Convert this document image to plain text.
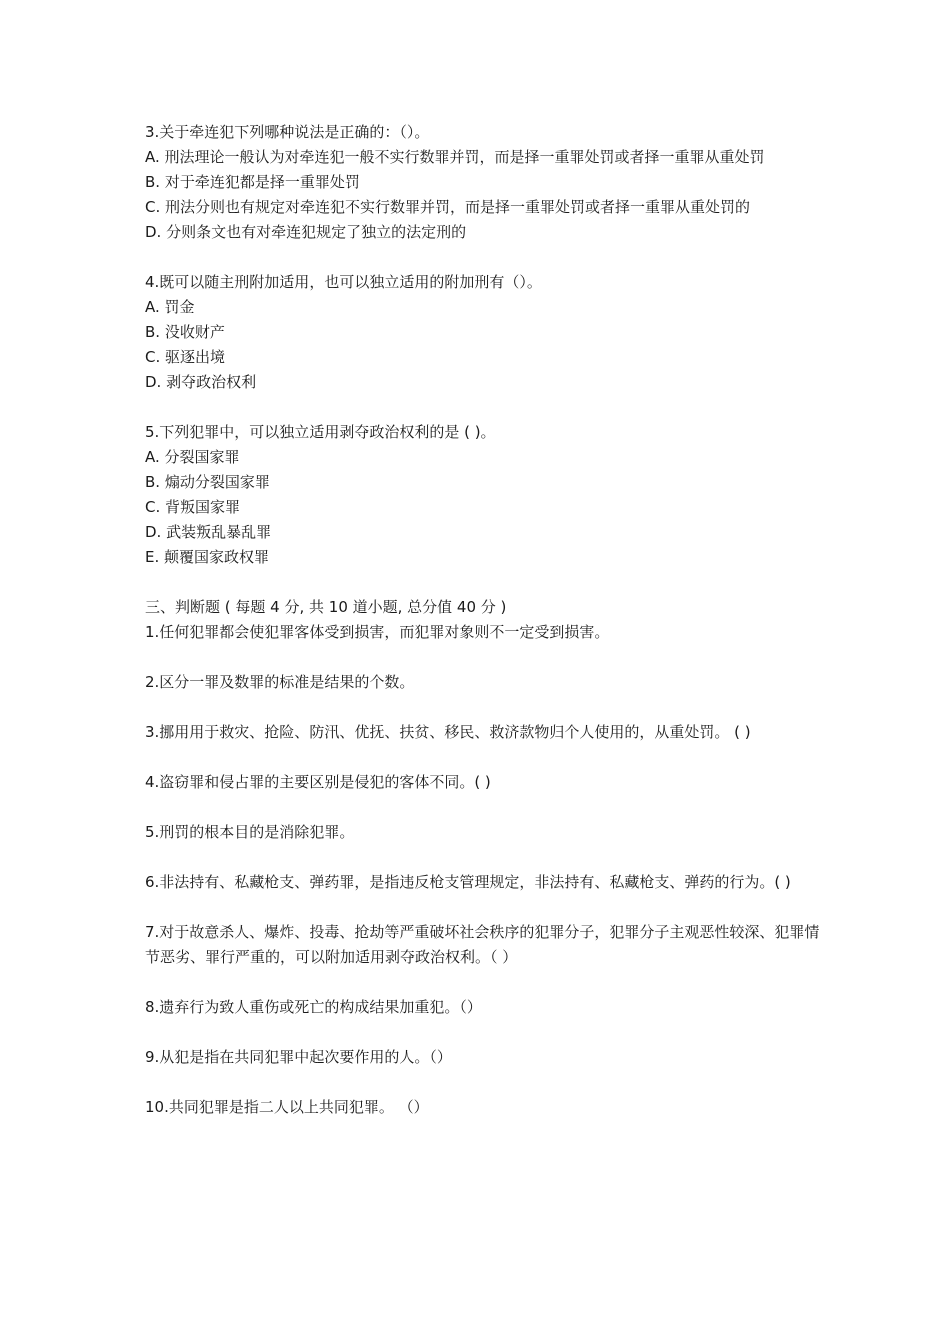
3.关于牵连犯下列哪种说法是正确的：（）。
A. 刑法理论一般认为对牵连犯一般不实行数罪并罚，而是择一重罪处罚或者择一重罪从重处罚
B. 对于牵连犯都是择一重罪处罚
C. 刑法分则也有规定对牵连犯不实行数罪并罚，而是择一重罪处罚或者择一重罪从重处罚的
D. 分则条文也有对牵连犯规定了独立的法定刑的
4.既可以随主刑附加适用，也可以独立适用的附加刑有（）。
A. 罚金
B. 没收财产
C. 驱逐出境
D. 剥夺政治权利
5.下列犯罪中，可以独立适用剥夺政治权利的是 ( )。
A. 分裂国家罪
B. 煽动分裂国家罪
C. 背叛国家罪
D. 武装叛乱暴乱罪
E. 颠覆国家政权罪
三、判断题 ( 每题 4 分, 共 10 道小题, 总分值 40 分 )
1.任何犯罪都会使犯罪客体受到损害，而犯罪对象则不一定受到损害。
2.区分一罪及数罪的标准是结果的个数。
3.挪用用于救灾、抢险、防汛、优抚、扶贫、移民、救济款物归个人使用的，从重处罚。 ( )
4.盗窃罪和侵占罪的主要区别是侵犯的客体不同。( )
5.刑罚的根本目的是消除犯罪。
6.非法持有、私藏枪支、弹药罪，是指违反枪支管理规定，非法持有、私藏枪支、弹药的行为。( )
7.对于故意杀人、爆炸、投毒、抢劫等严重破坏社会秩序的犯罪分子，犯罪分子主观恶性较深、犯罪情节恶劣、罪行严重的，可以附加适用剥夺政治权利。（ ）
8.遗弃行为致人重伤或死亡的构成结果加重犯。（）
9.从犯是指在共同犯罪中起次要作用的人。（）
10.共同犯罪是指二人以上共同犯罪。 （）
